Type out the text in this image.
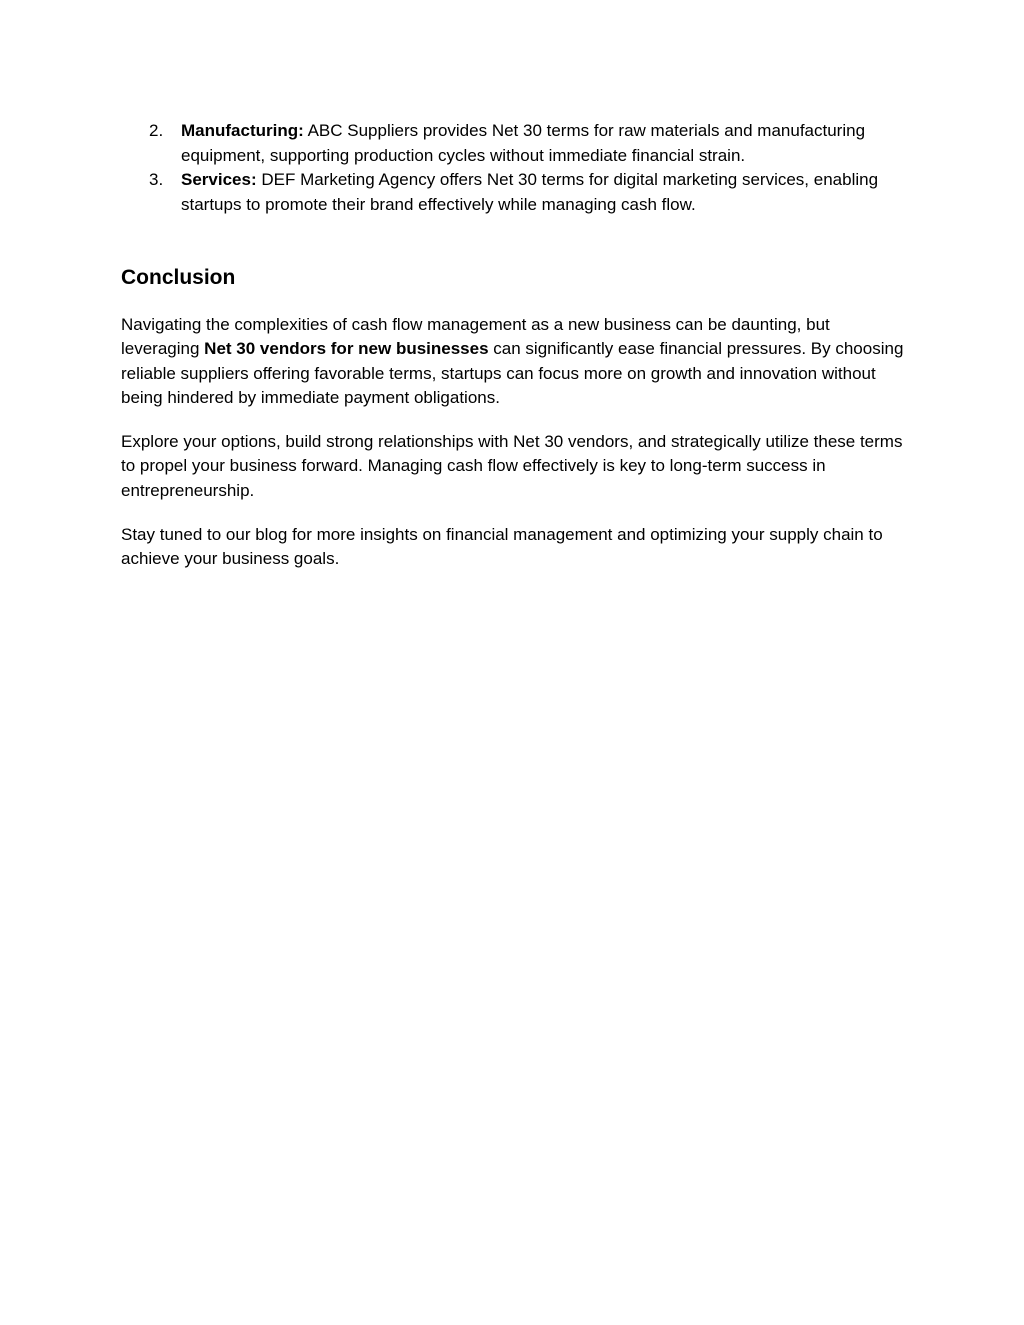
2. Manufacturing: ABC Suppliers provides Net 30 terms for raw materials and manufacturing equipment, supporting production cycles without immediate financial strain.
3. Services: DEF Marketing Agency offers Net 30 terms for digital marketing services, enabling startups to promote their brand effectively while managing cash flow.
Conclusion

Navigating the complexities of cash flow management as a new business can be daunting, but leveraging Net 30 vendors for new businesses can significantly ease financial pressures. By choosing reliable suppliers offering favorable terms, startups can focus more on growth and innovation without being hindered by immediate payment obligations.

Explore your options, build strong relationships with Net 30 vendors, and strategically utilize these terms to propel your business forward. Managing cash flow effectively is key to long-term success in entrepreneurship.

Stay tuned to our blog for more insights on financial management and optimizing your supply chain to achieve your business goals.
